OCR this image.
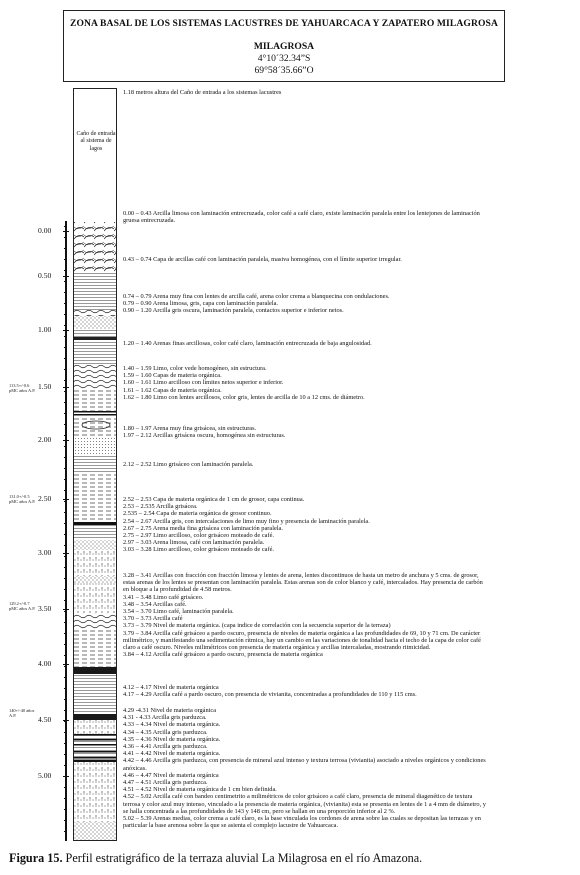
ZONA BASAL DE LOS SISTEMAS LACUSTRES DE YAHUARCACA Y ZAPATERO MILAGROSA
MILAGROSA
4°10´32.34”S
69°58´35.66”O
Caño de entrada al sistema de lagos
0.00
0.50
1.00
1.50
2.00
2.50
3.00
3.50
4.00
4.50
5.00
113.5+/-0.6 pMC años A.P.
131.0+/-0.5 pMC años A.P.
129.2+/-0.7 pMC años A.P.
140+/-40 años A.P.
1.18 metros altura del Caño de entrada a los sistemas lacustres
0.00 – 0.43 Arcilla limosa con laminación entrecruzada, color café a café claro, existe laminación paralela entre los lentejones de laminación
gruesa entrecruzada.
0.43 – 0.74 Capa de arcillas café con laminación paralela, masiva homogénea, con el límite superior irregular.
0.74 – 0.79 Arena muy fina con lentes de arcilla café, arena color crema a blanquecina con ondulaciones.
0.79 – 0.90 Arena limosa, gris, capa con laminación paralela.
0.90 – 1.20 Arcilla gris oscura, laminación paralela, contactos superior e inferior netos.
1.20 – 1.40 Arenas finas arcillosas, color café claro, laminación entrecruzada de baja angulosidad.
1.40 – 1.59 Limo, color vede homogéneo, sin estructura.
1.59 – 1.60 Capas de materia orgánica.
1.60 – 1.61 Limo arcilloso con límites netos superior e inferior.
1.61 – 1.62 Capas de materia orgánica.
1.62 – 1.80 Limo con lentes arcillosos, color gris, lentes de arcilla de 10 a 12 cms. de diámetro.
1.80 – 1.97 Arena muy fina grisácea, sin estructuras.
1.97 – 2.12 Arcillas grisácea oscura, homogénea sin estructuras.
2.12 – 2.52 Limo grisáceo con laminación paralela.
2.52 – 2.53 Capa de materia orgánica de 1 cm de grosor, capa continua.
2.53 – 2.535 Arcilla grisácea.
2.535 – 2.54 Capa de materia orgánica de grosor continuo.
2.54 – 2.67 Arcilla gris, con intercalaciones de limo muy fino y presencia de laminación paralela.
2.67 – 2.75 Arena media fina grisácea con laminación paralela.
2.75 – 2.97 Limo arcilloso, color grisáceo moteado de café.
2.97 – 3.03 Arena limosa, café con laminación paralela.
3.03 – 3.28 Limo arcilloso, color grisáceo moteado de café.
3.28 – 3.41 Arcillas con fracción con fracción limosa y lentes de arena, lentes discontinuos de hasta un metro de anchura y 5 cms. de grosor,
estas arenas de los lentes se presentan con laminación paralela. Estas arenas son de color blanco y café, intercalados. Hay presencia de carbón
en bloque a la profundidad de 4.58 metros.
3.41 – 3.48 Limo café grisáceo.
3.48 – 3.54 Arcillas café.
3.54 – 3.70 Limo café, laminación paralela.
3.70 – 3.73 Arcilla café
3.73 – 3.79 Nivel de materia orgánica. (capa indice de correlación con la secuencia superior de la terraza)
3.79 – 3.84 Arcilla café grisáceo a pardo oscuro, presencia de niveles de materia orgánica a las profundidades de 69, 10 y 71 cm. De carácter
milimétrico, y manifestando una sedimentación rítmica, hay un cambio en las variaciones de tonalidad hacia el techo de la capa de color café
claro a café oscuro. Niveles milimétricos con presencia de materia orgánica y arcillas intercaladas, mostrando ritmicidad.
3.84 – 4.12 Arcilla café grisáceo a pardo oscuro, presencia de materia orgánica
4.12 – 4.17 Nivel de materia orgánica
4.17 – 4.29 Arcilla café a pardo oscuro, con presencia de vivianita, concentradas a profundidades de 110 y 115 cms.
4.29 -4.31 Nivel de materia orgánica
4.31 - 4.33 Arcilla gris parduzca.
4.33 – 4.34 Nivel de materia orgánica.
4.34 – 4.35 Arcilla gris parduzca.
4.35 – 4.36 Nivel de materia orgánica.
4.36 – 4.41 Arcilla gris parduzca.
4.41 – 4.42 Nivel de materia orgánica.
4.42 – 4.46 Arcilla gris parduzca, con presencia de mineral azul intenso y textura terrosa (vivianita) asociado a niveles orgánicos y condiciones
anóxicas.
4.46 – 4.47 Nivel de materia orgánica
4.47 – 4.51 Arcilla gris parduzca.
4.51 – 4.52 Nivel de materia orgánica de 1 cm bien definida.
4.52 – 5.02 Arcilla café con bandeo centimetrito a milimétricos de color grisáceo a café claro, presencia de mineral diagenético de textura
terrosa y color azul muy intenso, vinculado a la presencia de materia orgánica, (vivianita) esta se presenta en lentes de 1 a 4 mm de diámetro, y
se halla concentrada a las profundidades de 143 y 148 cm, pero se hallan en una proporción inferior al 2 %.
5.02 – 5.39 Arenas medias, color crema a café claro, es la base vinculada los cordones de arena sobre las cuales se depositan las terrazas y en
particular la base arenosa sobre la que se asienta el complejo lacustre de Yahuarcaca.
Figura 15. Perfil estratigráfico de la terraza aluvial La Milagrosa en el río Amazona.
